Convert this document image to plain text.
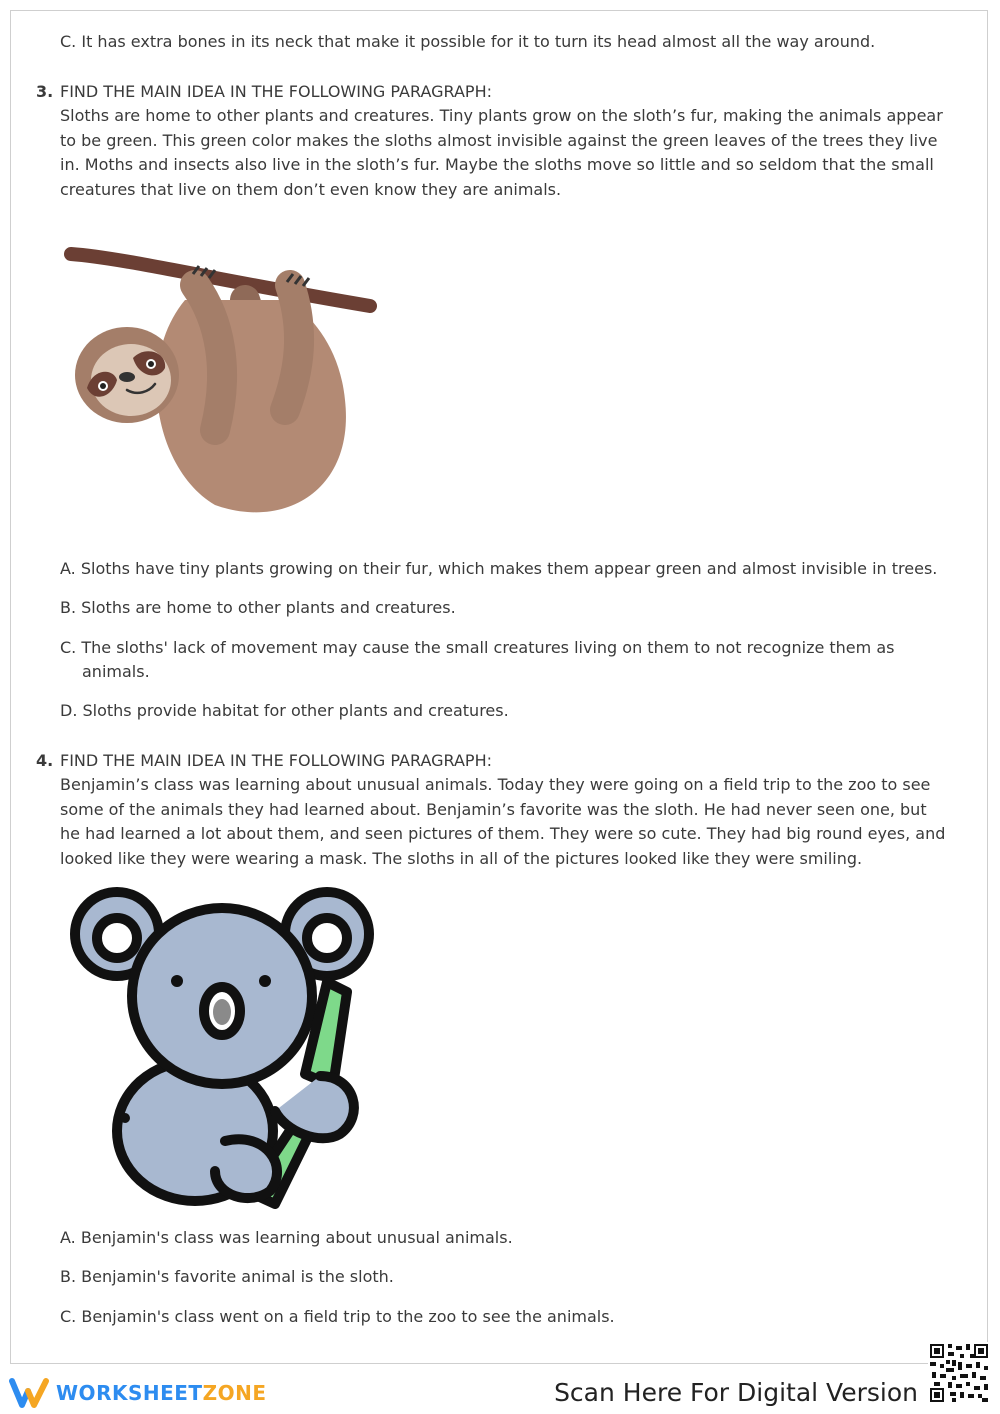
C. It has extra bones in its neck that make it possible for it to turn its head almost all the way around.
3. FIND THE MAIN IDEA IN THE FOLLOWING PARAGRAPH:
Sloths are home to other plants and creatures. Tiny plants grow on the sloth’s fur, making the animals appear
to be green. This green color makes the sloths almost invisible against the green leaves of the trees they live
in. Moths and insects also live in the sloth’s fur. Maybe the sloths move so little and so seldom that the small
creatures that live on them don’t even know they are animals.
A. Sloths have tiny plants growing on their fur, which makes them appear green and almost invisible in trees.
B. Sloths are home to other plants and creatures.
C. The sloths' lack of movement may cause the small creatures living on them to not recognize them as
animals.
D. Sloths provide habitat for other plants and creatures.
4. FIND THE MAIN IDEA IN THE FOLLOWING PARAGRAPH:
Benjamin’s class was learning about unusual animals. Today they were going on a field trip to the zoo to see
some of the animals they had learned about. Benjamin’s favorite was the sloth. He had never seen one, but
he had learned a lot about them, and seen pictures of them. They were so cute. They had big round eyes, and
looked like they were wearing a mask. The sloths in all of the pictures looked like they were smiling.
A. Benjamin's class was learning about unusual animals.
B. Benjamin's favorite animal is the sloth.
C. Benjamin's class went on a field trip to the zoo to see the animals.
WORKSHEETZONE	Scan Here For Digital Version
